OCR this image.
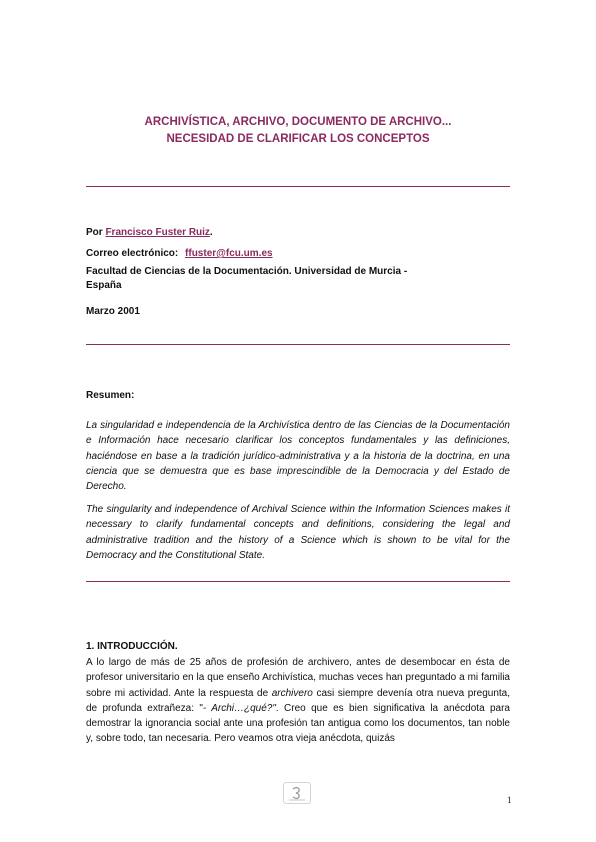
ARCHIVÍSTICA, ARCHIVO, DOCUMENTO DE ARCHIVO...
NECESIDAD DE CLARIFICAR LOS CONCEPTOS
Por Francisco Fuster Ruiz.
Correo electrónico: ffuster@fcu.um.es
Facultad de Ciencias de la Documentación. Universidad de Murcia -
España
Marzo 2001
Resumen:
La singularidad e independencia de la Archivística dentro de las Ciencias de la Documentación e Información hace necesario clarificar los conceptos fundamentales y las definiciones, haciéndose en base a la tradición jurídico-administrativa y a la historia de la doctrina, en una ciencia que se demuestra que es base imprescindible de la Democracia y del Estado de Derecho.
The singularity and independence of Archival Science within the Information Sciences makes it necessary to clarify fundamental concepts and definitions, considering the legal and administrative tradition and the history of a Science which is shown to be vital for the Democracy and the Constitutional State.
1. INTRODUCCIÓN.
A lo largo de más de 25 años de profesión de archivero, antes de desembocar en ésta de profesor universitario en la que enseño Archivística, muchas veces han preguntado a mi familia sobre mi actividad. Ante la respuesta de archivero casi siempre devenía otra nueva pregunta, de profunda extrañeza: "- Archi…¿qué?". Creo que es bien significativa la anécdota para demostrar la ignorancia social ante una profesión tan antigua como los documentos, tan noble y, sobre todo, tan necesaria. Pero veamos otra vieja anécdota, quizás
1
